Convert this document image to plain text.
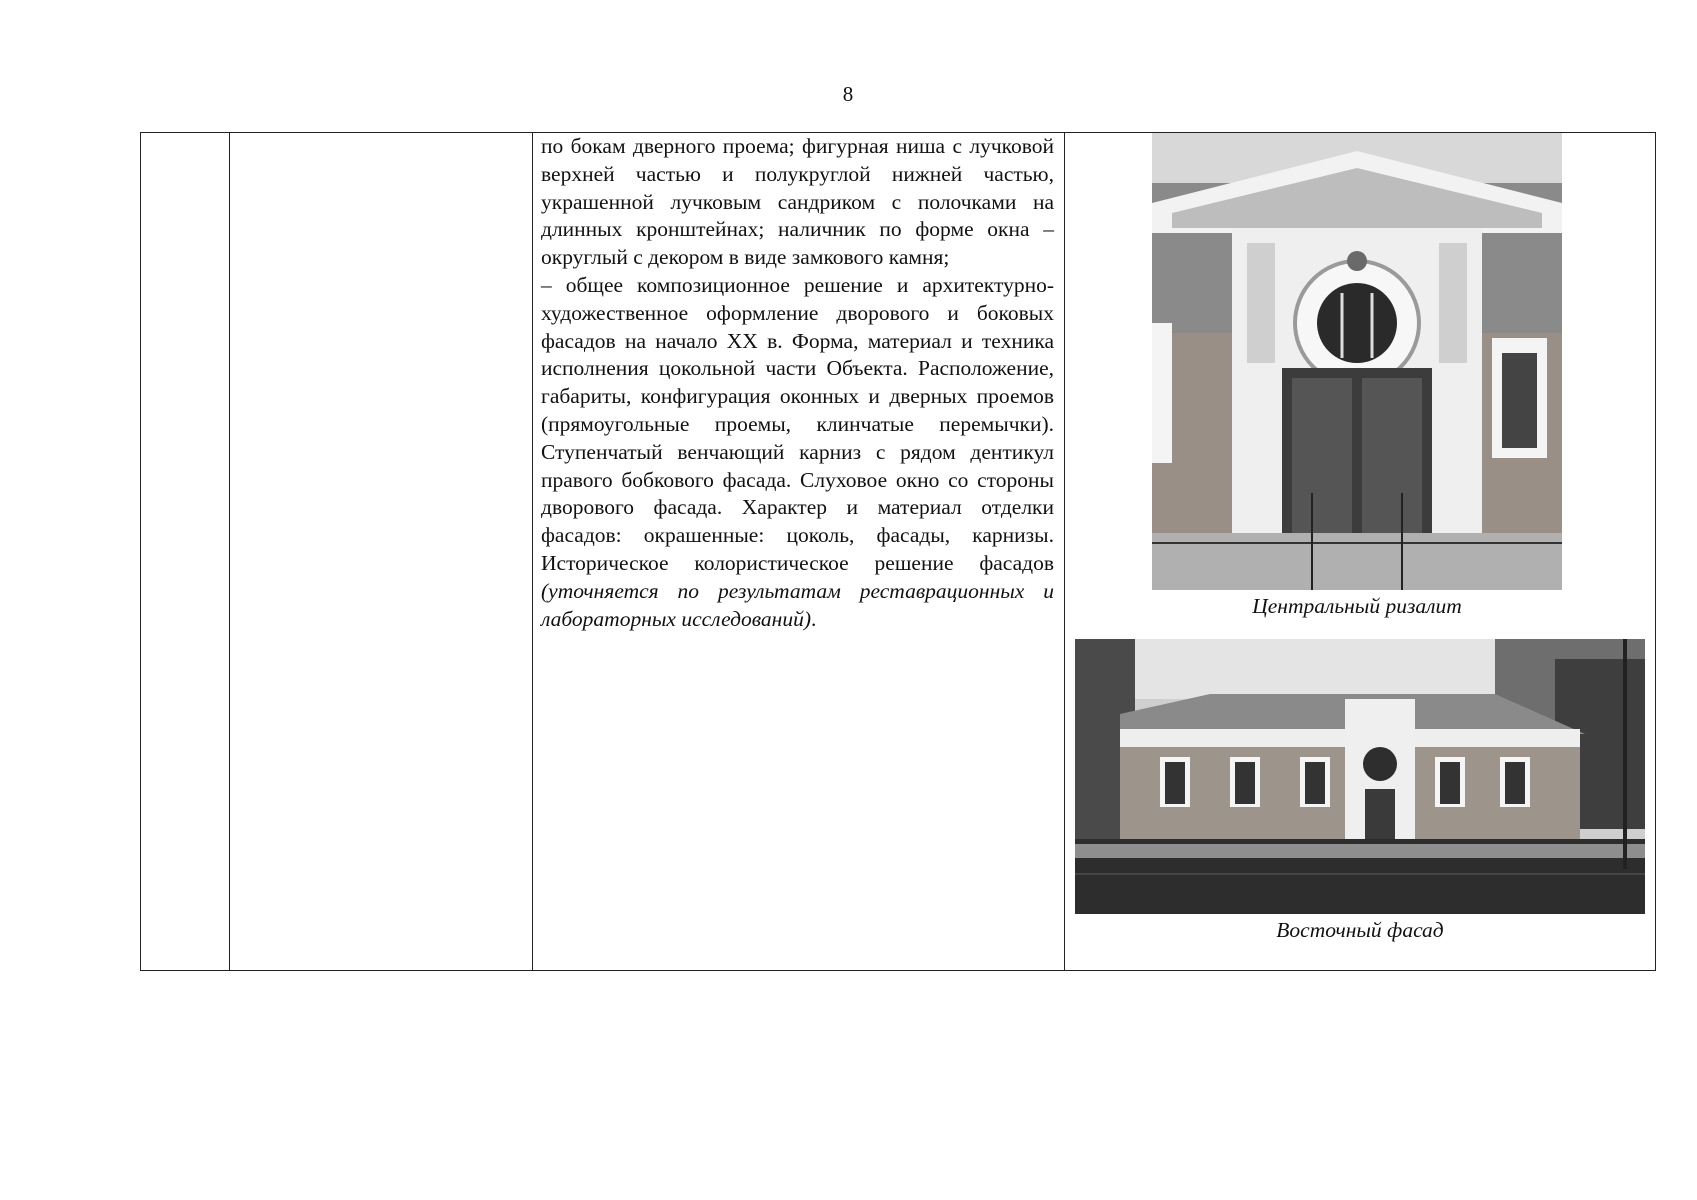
8

по бокам дверного проема; фигурная ниша с лучковой верхней частью и полукруглой нижней частью, украшенной лучковым сандриком с полочками на длинных кронштейнах; наличник по форме окна – округлый с декором в виде замкового камня;

– общее композиционное решение и архитектурно-художественное оформление дворового и боковых фасадов на начало XX в. Форма, материал и техника исполнения цокольной части Объекта. Расположение, габариты, конфигурация оконных и дверных проемов (прямоугольные проемы, клинчатые перемычки). Ступенчатый венчающий карниз с рядом дентикул правого бобкового фасада. Слуховое окно со стороны дворового фасада. Характер и материал отделки фасадов: окрашенные: цоколь, фасады, карнизы. Историческое колористическое решение фасадов (уточняется по результатам реставрационных и лабораторных исследований).

Центральный ризалит
Восточный фасад
